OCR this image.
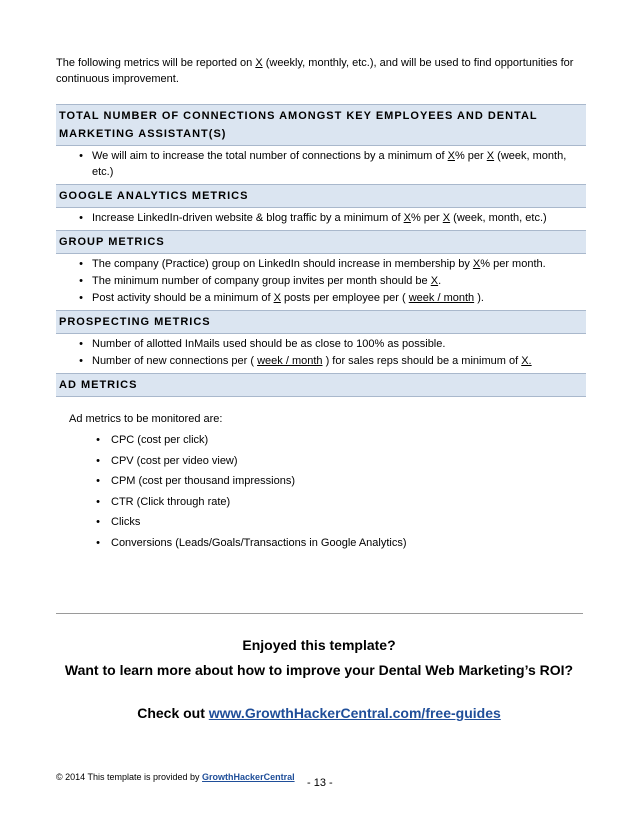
The following metrics will be reported on X (weekly, monthly, etc.), and will be used to find opportunities for continuous improvement.

TOTAL NUMBER OF CONNECTIONS AMONGST KEY EMPLOYEES AND DENTAL MARKETING ASSISTANT(S)
• We will aim to increase the total number of connections by a minimum of X% per X (week, month, etc.)
GOOGLE ANALYTICS METRICS
• Increase LinkedIn-driven website & blog traffic by a minimum of X% per X (week, month, etc.)
GROUP METRICS
• The company (Practice) group on LinkedIn should increase in membership by X% per month.
• The minimum number of company group invites per month should be X.
• Post activity should be a minimum of X posts per employee per ( week / month ).
PROSPECTING METRICS
• Number of allotted InMails used should be as close to 100% as possible.
• Number of new connections per ( week / month ) for sales reps should be a minimum of X.
AD METRICS

Ad metrics to be monitored are:

• CPC (cost per click)
• CPV (cost per video view)
• CPM (cost per thousand impressions)
• CTR (Click through rate)
• Clicks
• Conversions (Leads/Goals/Transactions in Google Analytics)

Enjoyed this template?

Want to learn more about how to improve your Dental Web Marketing’s ROI?

Check out www.GrowthHackerCentral.com/free-guides

© 2014 This template is provided by GrowthHackerCentral - 13 -
